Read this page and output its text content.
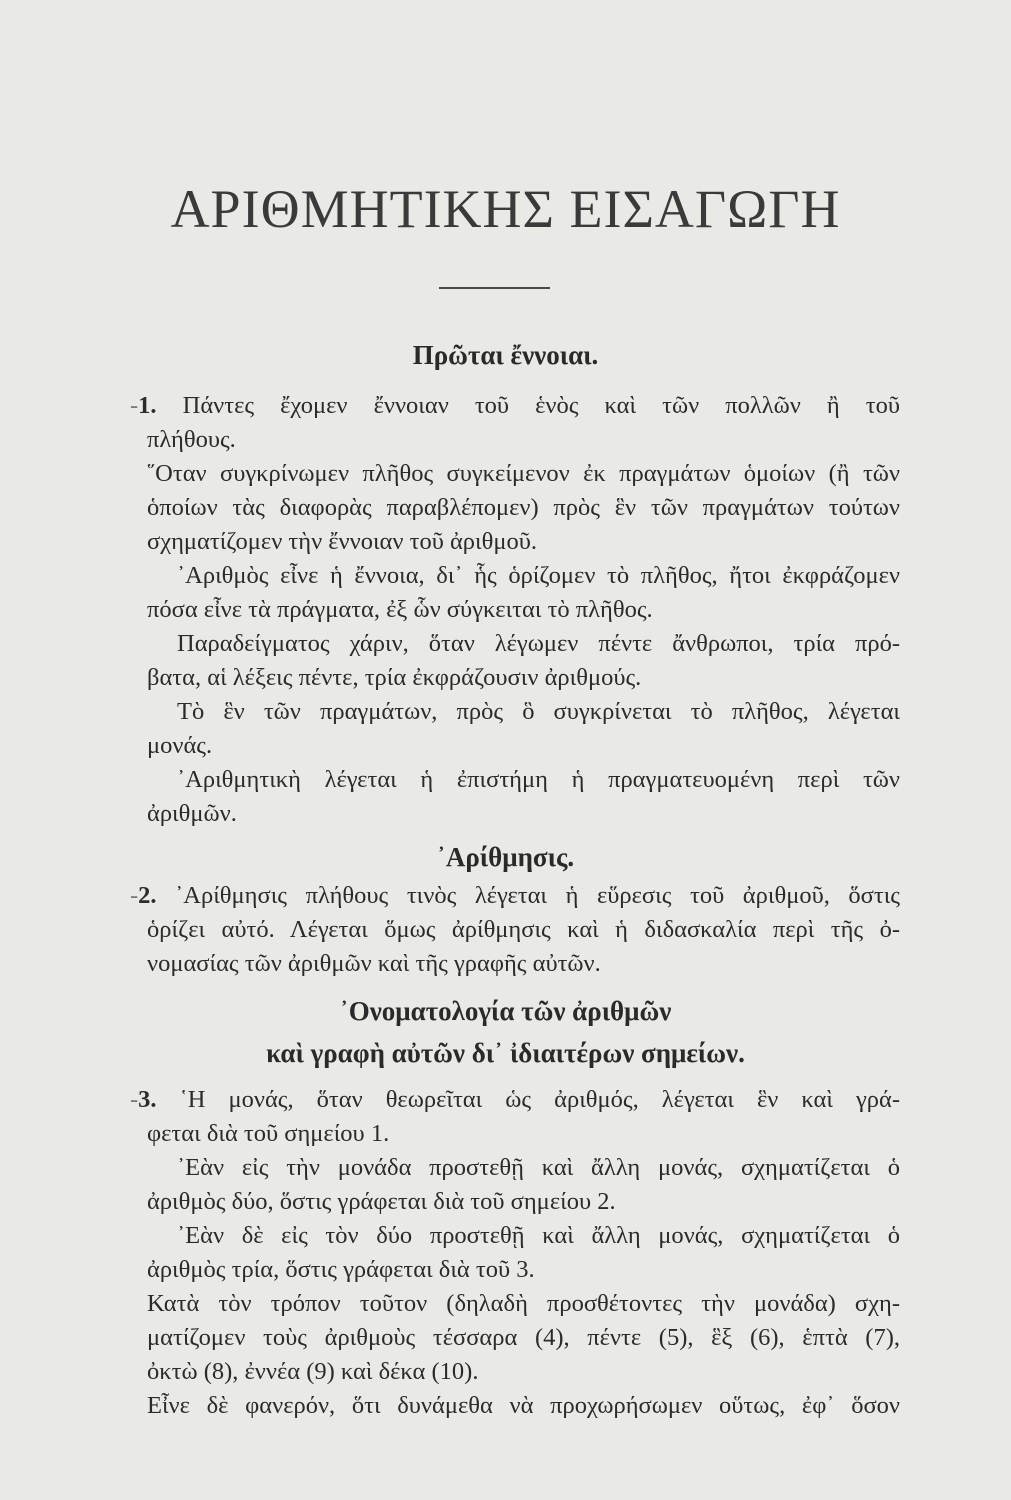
ΑΡΙΘΜΗΤΙΚΗΣ ΕΙΣΑΓΩΓΗ
Πρῶται ἔννοιαι.

-1. Πάντες ἔχομεν ἔννοιαν τοῦ ἑνὸς καὶ τῶν πολλῶν ἢ τοῦ

πλήθους.

῞Οταν συγκρίνωμεν πλῆθος συγκείμενον ἐκ πραγμάτων ὁμοίων (ἢ τῶν

ὁποίων τὰς διαφορὰς παραβλέπομεν) πρὸς ἓν τῶν πραγμάτων τούτων

σχηματίζομεν τὴν ἔννοιαν τοῦ ἀριθμοῦ.

᾿Αριθμὸς εἶνε ἡ ἔννοια, δι᾿ ἧς ὁρίζομεν τὸ πλῆθος, ἤτοι ἐκφράζομεν

πόσα εἶνε τὰ πράγματα, ἐξ ὧν σύγκειται τὸ πλῆθος.

Παραδείγματος χάριν, ὅταν λέγωμεν πέντε ἄνθρωποι, τρία πρό-

βατα, αἱ λέξεις πέντε, τρία ἐκφράζουσιν ἀριθμούς.

Τὸ ἓν τῶν πραγμάτων, πρὸς ὃ συγκρίνεται τὸ πλῆθος, λέγεται

μονάς.

᾿Αριθμητικὴ λέγεται ἡ ἐπιστήμη ἡ πραγματευομένη περὶ τῶν

ἀριθμῶν.

᾿Αρίθμησις.

-2. ᾿Αρίθμησις πλήθους τινὸς λέγεται ἡ εὕρεσις τοῦ ἀριθμοῦ, ὅστις

ὁρίζει αὐτό. Λέγεται ὅμως ἀρίθμησις καὶ ἡ διδασκαλία περὶ τῆς ὀ-

νομασίας τῶν ἀριθμῶν καὶ τῆς γραφῆς αὐτῶν.

᾿Ονοματολογία τῶν ἀριθμῶν
καὶ γραφὴ αὐτῶν δι᾿ ἰδιαιτέρων σημείων.

-3. ῾Η μονάς, ὅταν θεωρεῖται ὡς ἀριθμός, λέγεται ἓν καὶ γρά-

φεται διὰ τοῦ σημείου 1.

᾿Εὰν εἰς τὴν μονάδα προστεθῇ καὶ ἄλλη μονάς, σχηματίζεται ὁ

ἀριθμὸς δύο, ὅστις γράφεται διὰ τοῦ σημείου 2.

᾿Εὰν δὲ εἰς τὸν δύο προστεθῇ καὶ ἄλλη μονάς, σχηματίζεται ὁ

ἀριθμὸς τρία, ὅστις γράφεται διὰ τοῦ 3.

Κατὰ τὸν τρόπον τοῦτον (δηλαδὴ προσθέτοντες τὴν μονάδα) σχη-

ματίζομεν τοὺς ἀριθμοὺς τέσσαρα (4), πέντε (5), ἓξ (6), ἑπτὰ (7),

ὀκτὼ (8), ἐννέα (9) καὶ δέκα (10).

Εἶνε δὲ φανερόν, ὅτι δυνάμεθα νὰ προχωρήσωμεν οὕτως, ἐφ᾿ ὅσον
